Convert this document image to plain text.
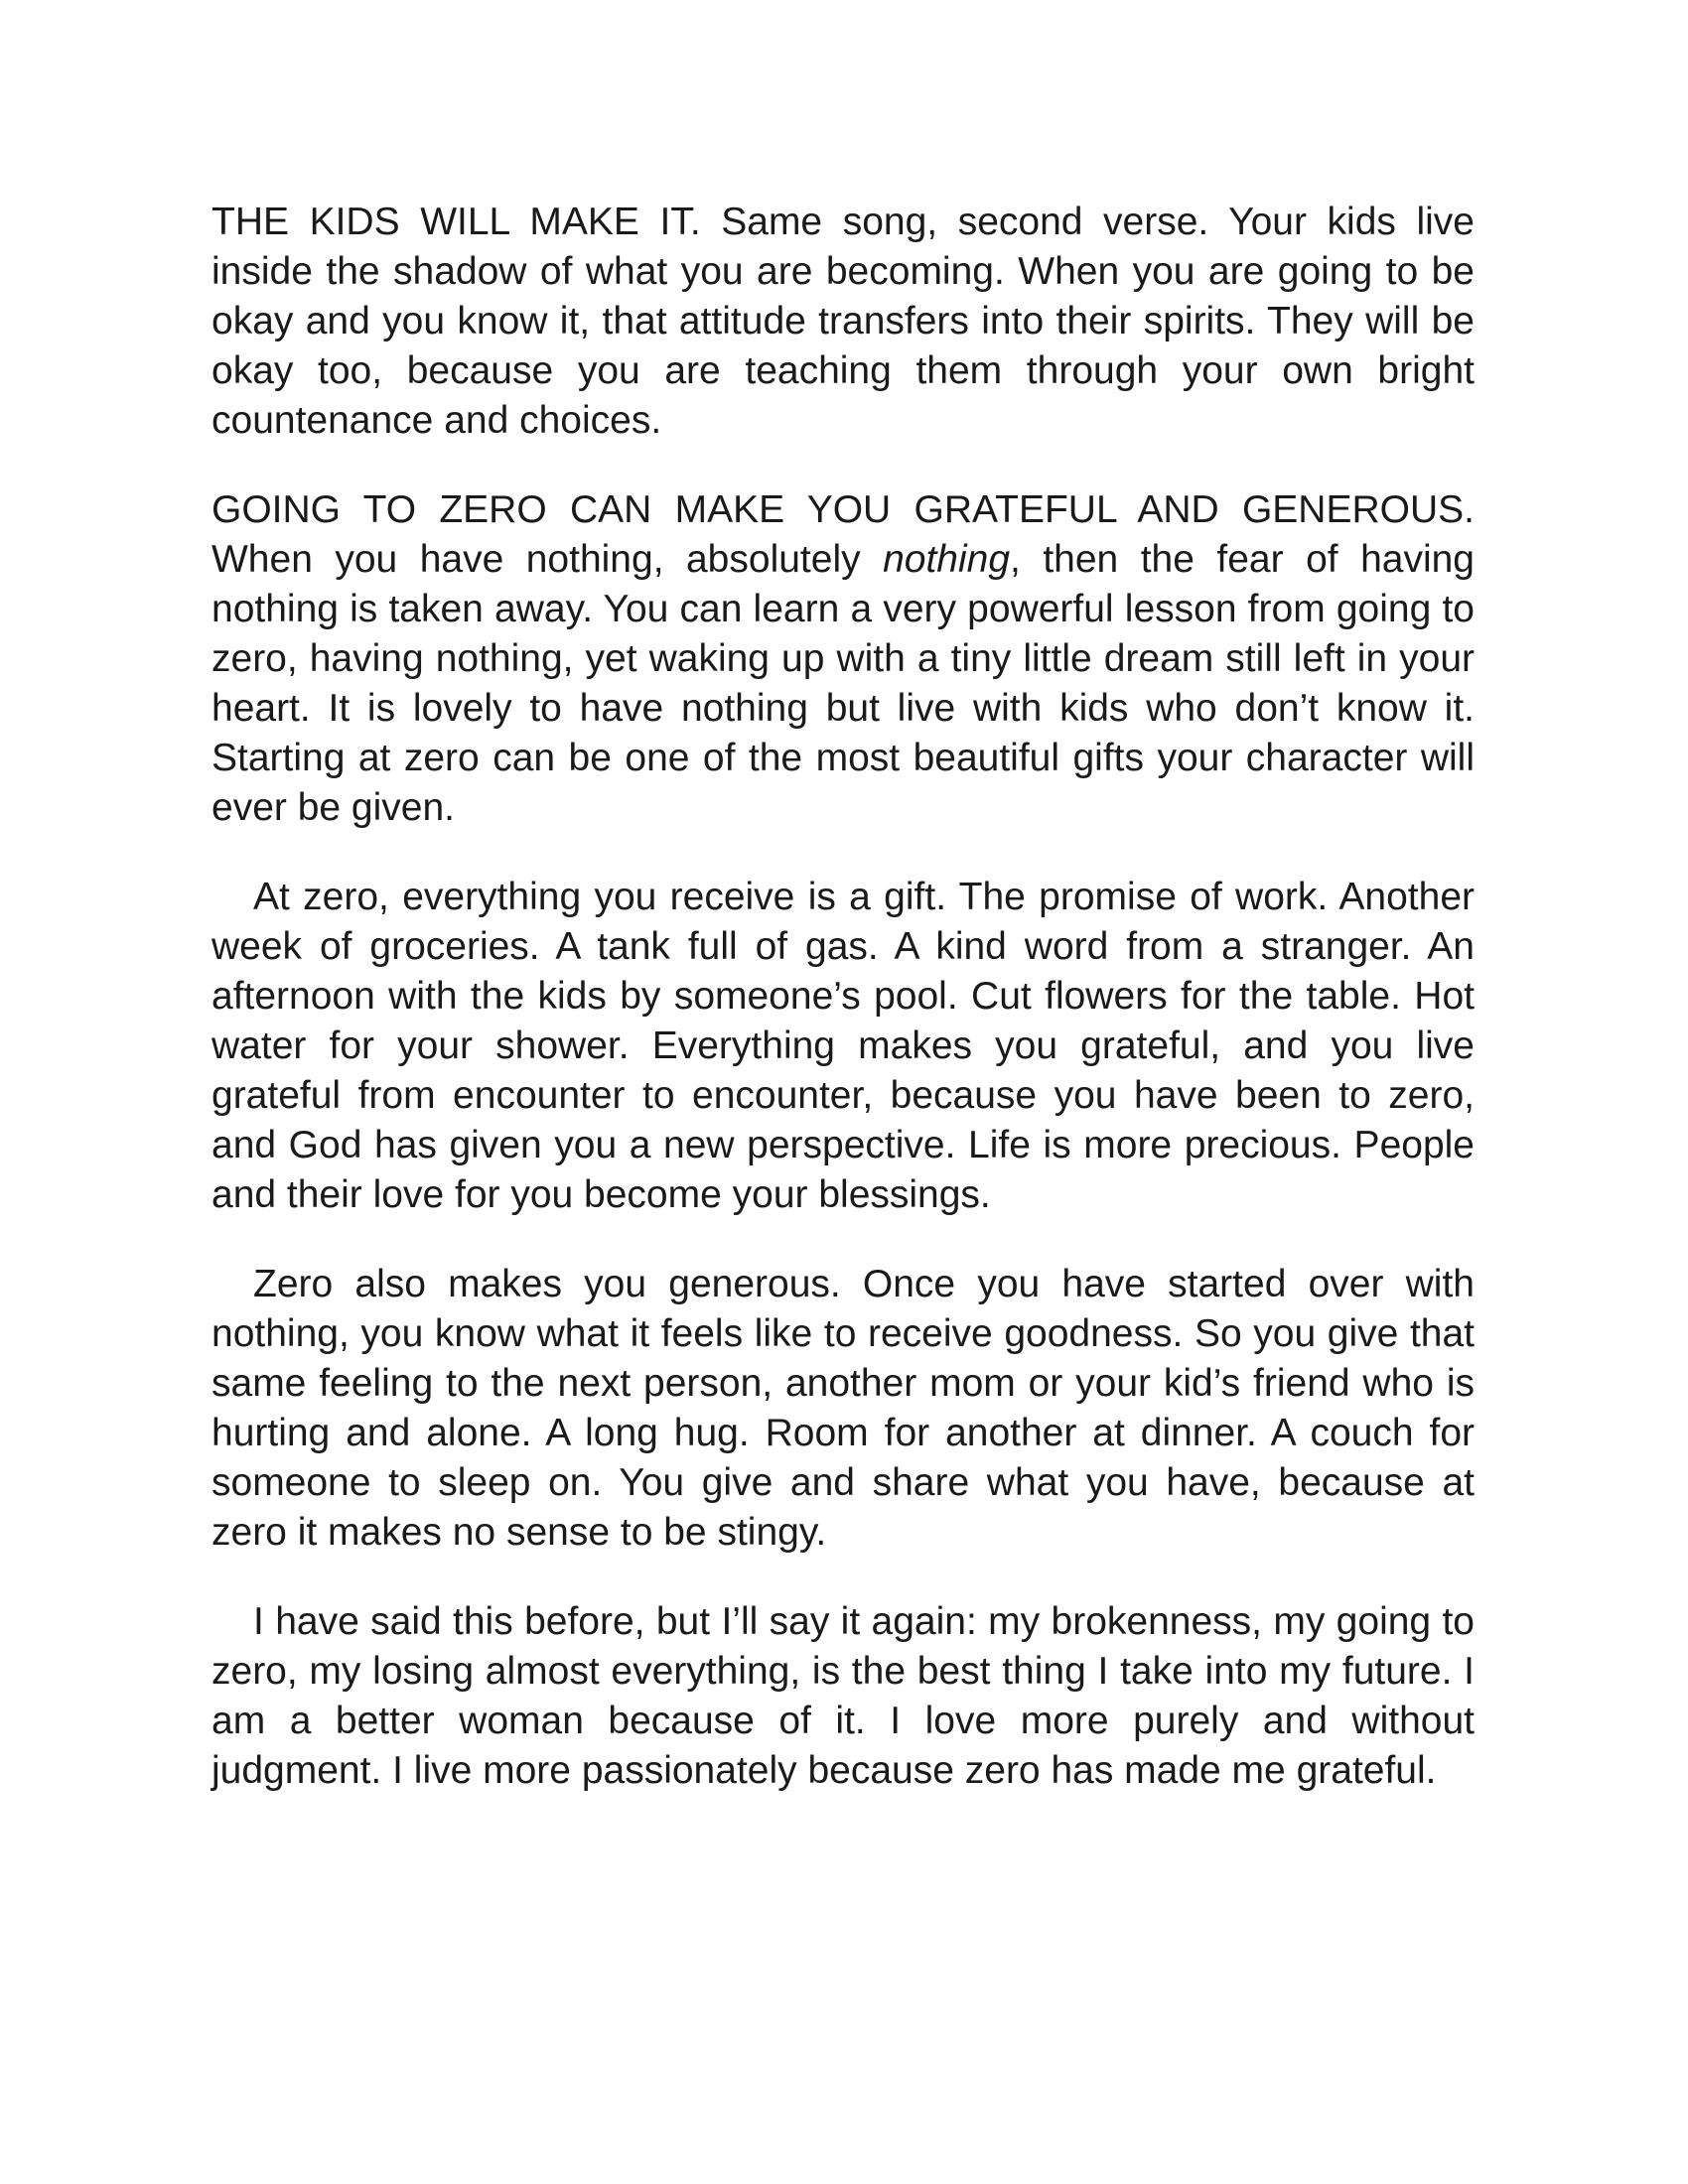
THE KIDS WILL MAKE IT. Same song, second verse. Your kids live inside the shadow of what you are becoming. When you are going to be okay and you know it, that attitude transfers into their spirits. They will be okay too, because you are teaching them through your own bright countenance and choices.

GOING TO ZERO CAN MAKE YOU GRATEFUL AND GENEROUS. When you have nothing, absolutely nothing, then the fear of having nothing is taken away. You can learn a very powerful lesson from going to zero, having nothing, yet waking up with a tiny little dream still left in your heart. It is lovely to have nothing but live with kids who don’t know it. Starting at zero can be one of the most beautiful gifts your character will ever be given.

At zero, everything you receive is a gift. The promise of work. Another week of groceries. A tank full of gas. A kind word from a stranger. An afternoon with the kids by someone’s pool. Cut flowers for the table. Hot water for your shower. Everything makes you grateful, and you live grateful from encounter to encounter, because you have been to zero, and God has given you a new perspective. Life is more precious. People and their love for you become your blessings.

Zero also makes you generous. Once you have started over with nothing, you know what it feels like to receive goodness. So you give that same feeling to the next person, another mom or your kid’s friend who is hurting and alone. A long hug. Room for another at dinner. A couch for someone to sleep on. You give and share what you have, because at zero it makes no sense to be stingy.

I have said this before, but I’ll say it again: my brokenness, my going to zero, my losing almost everything, is the best thing I take into my future. I am a better woman because of it. I love more purely and without judgment. I live more passionately because zero has made me grateful.
